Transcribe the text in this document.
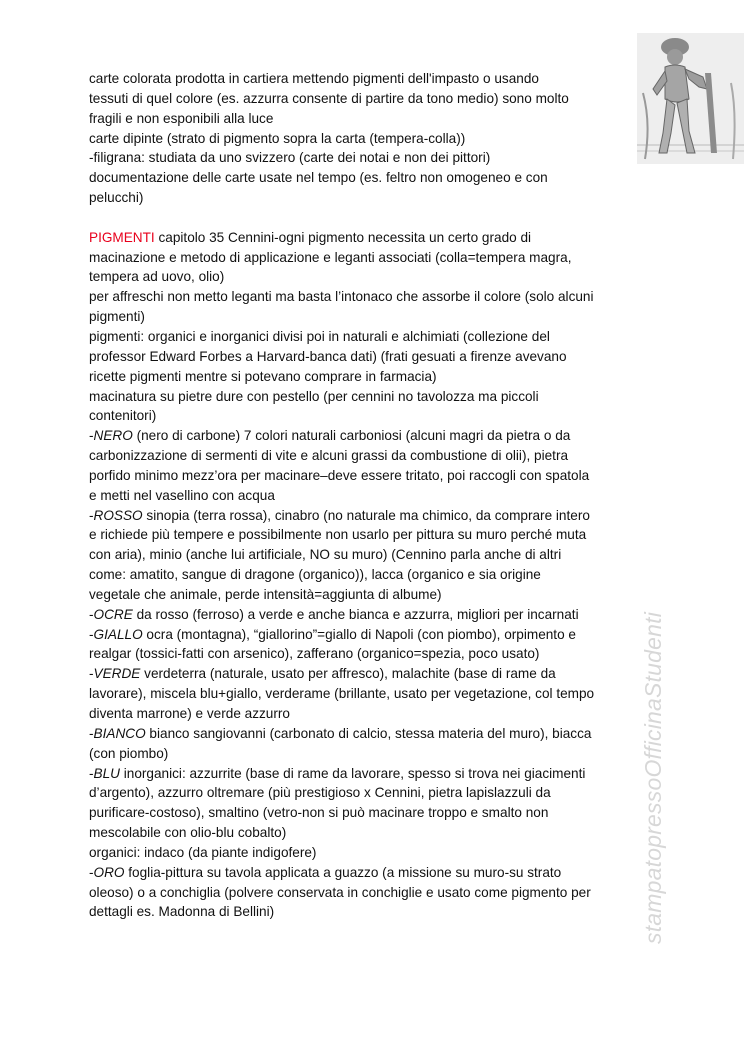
carte colorata prodotta in cartiera mettendo pigmenti dell'impasto o usando
tessuti di quel colore (es. azzurra consente di partire da tono medio) sono molto
fragili e non esponibili alla luce
carte dipinte (strato di pigmento sopra la carta (tempera-colla))
-filigrana: studiata da uno svizzero (carte dei notai e non dei pittori)
documentazione delle carte usate nel tempo (es. feltro non omogeneo e con
pelucchi)
PIGMENTI capitolo 35 Cennini-ogni pigmento necessita un certo grado di
macinazione e metodo di applicazione e leganti associati (colla=tempera magra,
tempera ad uovo, olio)
per affreschi non metto leganti ma basta l’intonaco che assorbe il colore (solo alcuni
pigmenti)
pigmenti: organici e inorganici divisi poi in naturali e alchimiati (collezione del
professor Edward Forbes a Harvard-banca dati) (frati gesuati a firenze avevano
ricette pigmenti mentre si potevano comprare in farmacia)
macinatura su pietre dure con pestello (per cennini no tavolozza ma piccoli
contenitori)
-NERO (nero di carbone) 7 colori naturali carboniosi (alcuni magri da pietra o da
carbonizzazione di sermenti di vite e alcuni grassi da combustione di olii), pietra
porfido minimo mezz’ora per macinare–deve essere tritato, poi raccogli con spatola
e metti nel vasellino con acqua
-ROSSO sinopia (terra rossa), cinabro (no naturale ma chimico, da comprare intero
e richiede più tempere e possibilmente non usarlo per pittura su muro perché muta
con aria), minio (anche lui artificiale, NO su muro) (Cennino parla anche di altri
come: amatito, sangue di dragone (organico)), lacca (organico e sia origine
vegetale che animale, perde intensità=aggiunta di albume)
-OCRE da rosso (ferroso) a verde e anche bianca e azzurra, migliori per incarnati
-GIALLO ocra (montagna), “giallorino”=giallo di Napoli (con piombo), orpimento e
realgar (tossici-fatti con arsenico), zafferano (organico=spezia, poco usato)
-VERDE verdeterra (naturale, usato per affresco), malachite (base di rame da
lavorare), miscela blu+giallo, verderame (brillante, usato per vegetazione, col tempo
diventa marrone) e verde azzurro
-BIANCO bianco sangiovanni (carbonato di calcio, stessa materia del muro), biacca
(con piombo)
-BLU inorganici: azzurrite (base di rame da lavorare, spesso si trova nei giacimenti
d’argento), azzurro oltremare (più prestigioso x Cennini, pietra lapislazzuli da
purificare-costoso), smaltino (vetro-non si può macinare troppo e smalto non
mescolabile con olio-blu cobalto)
organici: indaco (da piante indigofere)
-ORO foglia-pittura su tavola applicata a guazzo (a missione su muro-su strato
oleoso) o a conchiglia (polvere conservata in conchiglie e usato come pigmento per
dettagli es. Madonna di Bellini)	stampatopressoOfficinaStudenti
